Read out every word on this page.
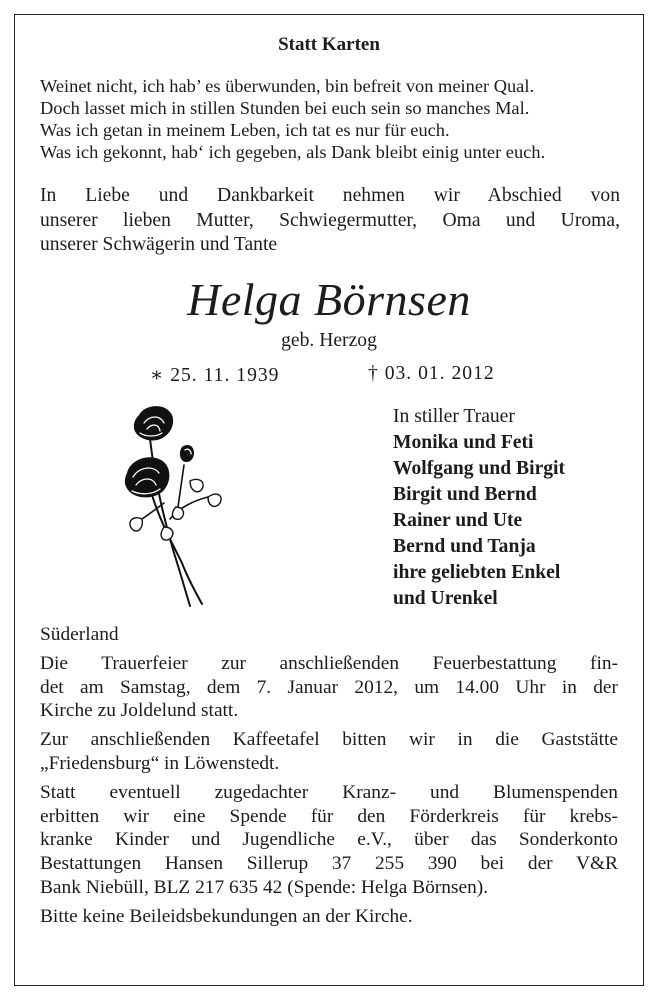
Statt Karten
Weinet nicht, ich hab’ es überwunden, bin befreit von meiner Qual.
Doch lasset mich in stillen Stunden bei euch sein so manches Mal.
Was ich getan in meinem Leben, ich tat es nur für euch.
Was ich gekonnt, hab‘ ich gegeben, als Dank bleibt einig unter euch.
In Liebe und Dankbarkeit nehmen wir Abschied von
unserer lieben Mutter, Schwiegermutter, Oma und Uroma,
unserer Schwägerin und Tante
Helga Börnsen
geb. Herzog
∗ 25. 11. 1939	† 03. 01. 2012
In stiller Trauer
Monika und Feti
Wolfgang und Birgit
Birgit und Bernd
Rainer und Ute
Bernd und Tanja
ihre geliebten Enkel
und Urenkel
Süderland
Die Trauerfeier zur anschließenden Feuerbestattung fin-
det am Samstag, dem 7. Januar 2012, um 14.00 Uhr in der
Kirche zu Joldelund statt.
Zur anschließenden Kaffeetafel bitten wir in die Gaststätte
„Friedensburg“ in Löwenstedt.
Statt eventuell zugedachter Kranz- und Blumenspenden
erbitten wir eine Spende für den Förderkreis für krebs-
kranke Kinder und Jugendliche e.V., über das Sonderkonto
Bestattungen Hansen Sillerup 37 255 390 bei der V&R
Bank Niebüll, BLZ 217 635 42 (Spende: Helga Börnsen).
Bitte keine Beileidsbekundungen an der Kirche.
